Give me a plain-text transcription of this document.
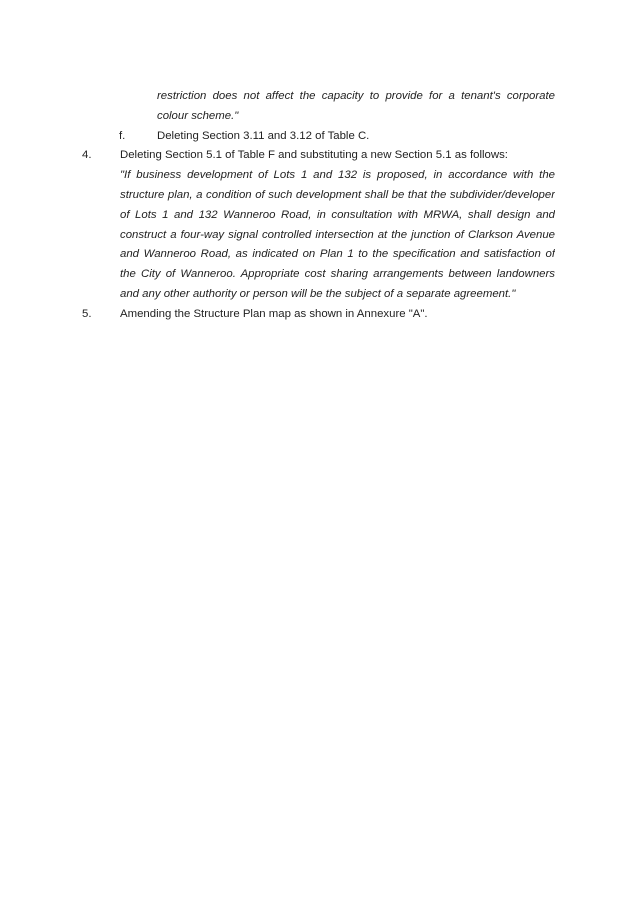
restriction does not affect the capacity to provide for a tenant's corporate
colour scheme."
f.	Deleting Section 3.11 and 3.12 of Table C.
4.	Deleting Section 5.1 of Table F and substituting a new Section 5.1 as follows:
"If business development of Lots 1 and 132 is proposed, in accordance with the
structure plan, a condition of such development shall be that the subdivider/developer
of Lots 1 and 132 Wanneroo Road, in consultation with MRWA, shall design and
construct a four-way signal controlled intersection at the junction of Clarkson Avenue
and Wanneroo Road, as indicated on Plan 1 to the specification and satisfaction of
the City of Wanneroo. Appropriate cost sharing arrangements between landowners
and any other authority or person will be the subject of a separate agreement."
5.	Amending the Structure Plan map as shown in Annexure "A".
